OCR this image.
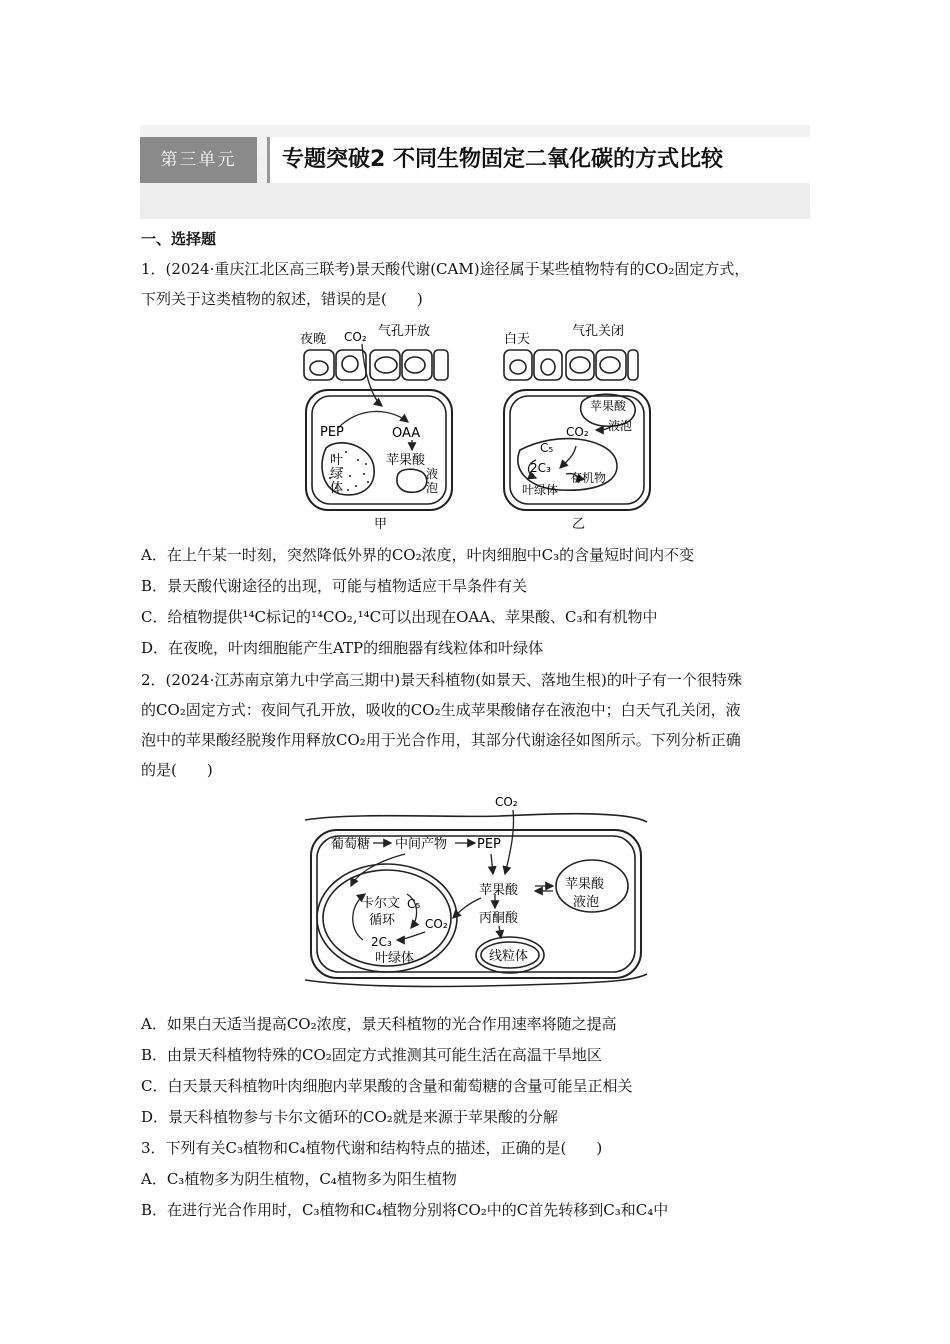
第三单元	专题突破2 不同生物固定二氧化碳的方式比较
一、选择题
1．(2024·重庆江北区高三联考)景天酸代谢(CAM)途径属于某些植物特有的CO₂固定方式，
下列关于这类植物的叙述，错误的是(　　)
夜晚 CO₂ 气孔开放
PEP	OAA
苹果酸
叶
绿
体
液
泡
甲
白天
气孔关闭
苹果酸
液泡
CO₂
C₅
2C₃
有机物
叶绿体
乙
A．在上午某一时刻，突然降低外界的CO₂浓度，叶肉细胞中C₃的含量短时间内不变
B．景天酸代谢途径的出现，可能与植物适应干旱条件有关
C．给植物提供¹⁴C标记的¹⁴CO₂,¹⁴C可以出现在OAA、苹果酸、C₃和有机物中
D．在夜晚，叶肉细胞能产生ATP的细胞器有线粒体和叶绿体
2．(2024·江苏南京第九中学高三期中)景天科植物(如景天、落地生根)的叶子有一个很特殊
的CO₂固定方式：夜间气孔开放，吸收的CO₂生成苹果酸储存在液泡中；白天气孔关闭，液
泡中的苹果酸经脱羧作用释放CO₂用于光合作用，其部分代谢途径如图所示。下列分析正确
的是(　　)
CO₂
葡萄糖 中间产物 PEP
卡尔文
循环
C₅
CO₂
2C₃
叶绿体
苹果酸
丙酮酸
线粒体
苹果酸
液泡
A．如果白天适当提高CO₂浓度，景天科植物的光合作用速率将随之提高
B．由景天科植物特殊的CO₂固定方式推测其可能生活在高温干旱地区
C．白天景天科植物叶肉细胞内苹果酸的含量和葡萄糖的含量可能呈正相关
D．景天科植物参与卡尔文循环的CO₂就是来源于苹果酸的分解
3．下列有关C₃植物和C₄植物代谢和结构特点的描述，正确的是(　　)
A．C₃植物多为阴生植物，C₄植物多为阳生植物
B．在进行光合作用时，C₃植物和C₄植物分别将CO₂中的C首先转移到C₃和C₄中
